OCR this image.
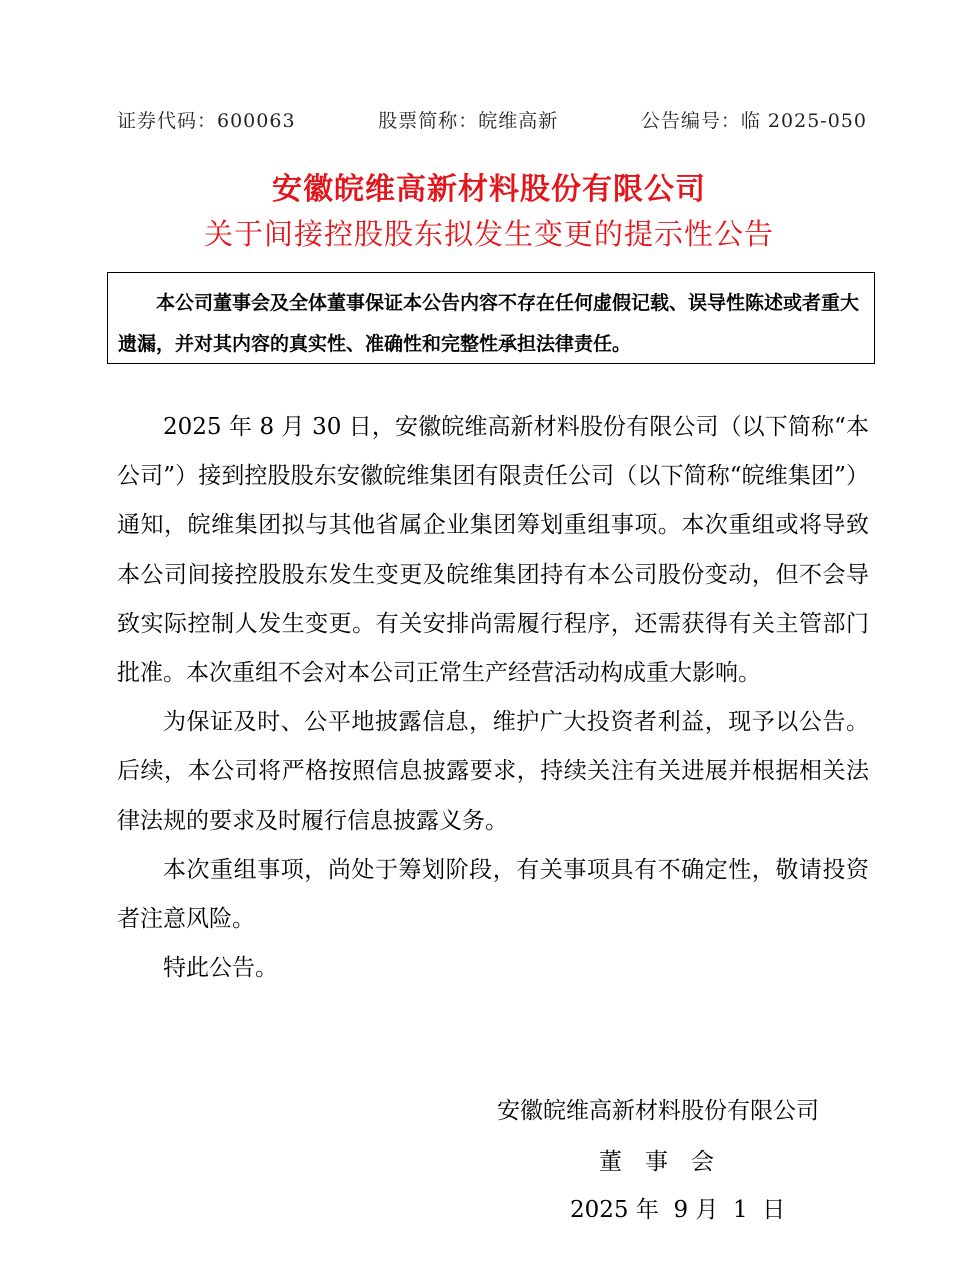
证券代码：600063	股票简称：皖维高新	公告编号：临 2025-050
安徽皖维高新材料股份有限公司
关于间接控股股东拟发生变更的提示性公告
本公司董事会及全体董事保证本公告内容不存在任何虚假记载、误导性陈述或者重大遗漏，并对其内容的真实性、准确性和完整性承担法律责任。

2025 年 8 月 30 日，安徽皖维高新材料股份有限公司（以下简称“本公司”）接到控股股东安徽皖维集团有限责任公司（以下简称“皖维集团”）通知，皖维集团拟与其他省属企业集团筹划重组事项。本次重组或将导致本公司间接控股股东发生变更及皖维集团持有本公司股份变动，但不会导致实际控制人发生变更。有关安排尚需履行程序，还需获得有关主管部门批准。本次重组不会对本公司正常生产经营活动构成重大影响。

为保证及时、公平地披露信息，维护广大投资者利益，现予以公告。后续，本公司将严格按照信息披露要求，持续关注有关进展并根据相关法律法规的要求及时履行信息披露义务。

本次重组事项，尚处于筹划阶段，有关事项具有不确定性，敬请投资者注意风险。

特此公告。

安徽皖维高新材料股份有限公司
董　事　会
2025 年  9 月  1  日
